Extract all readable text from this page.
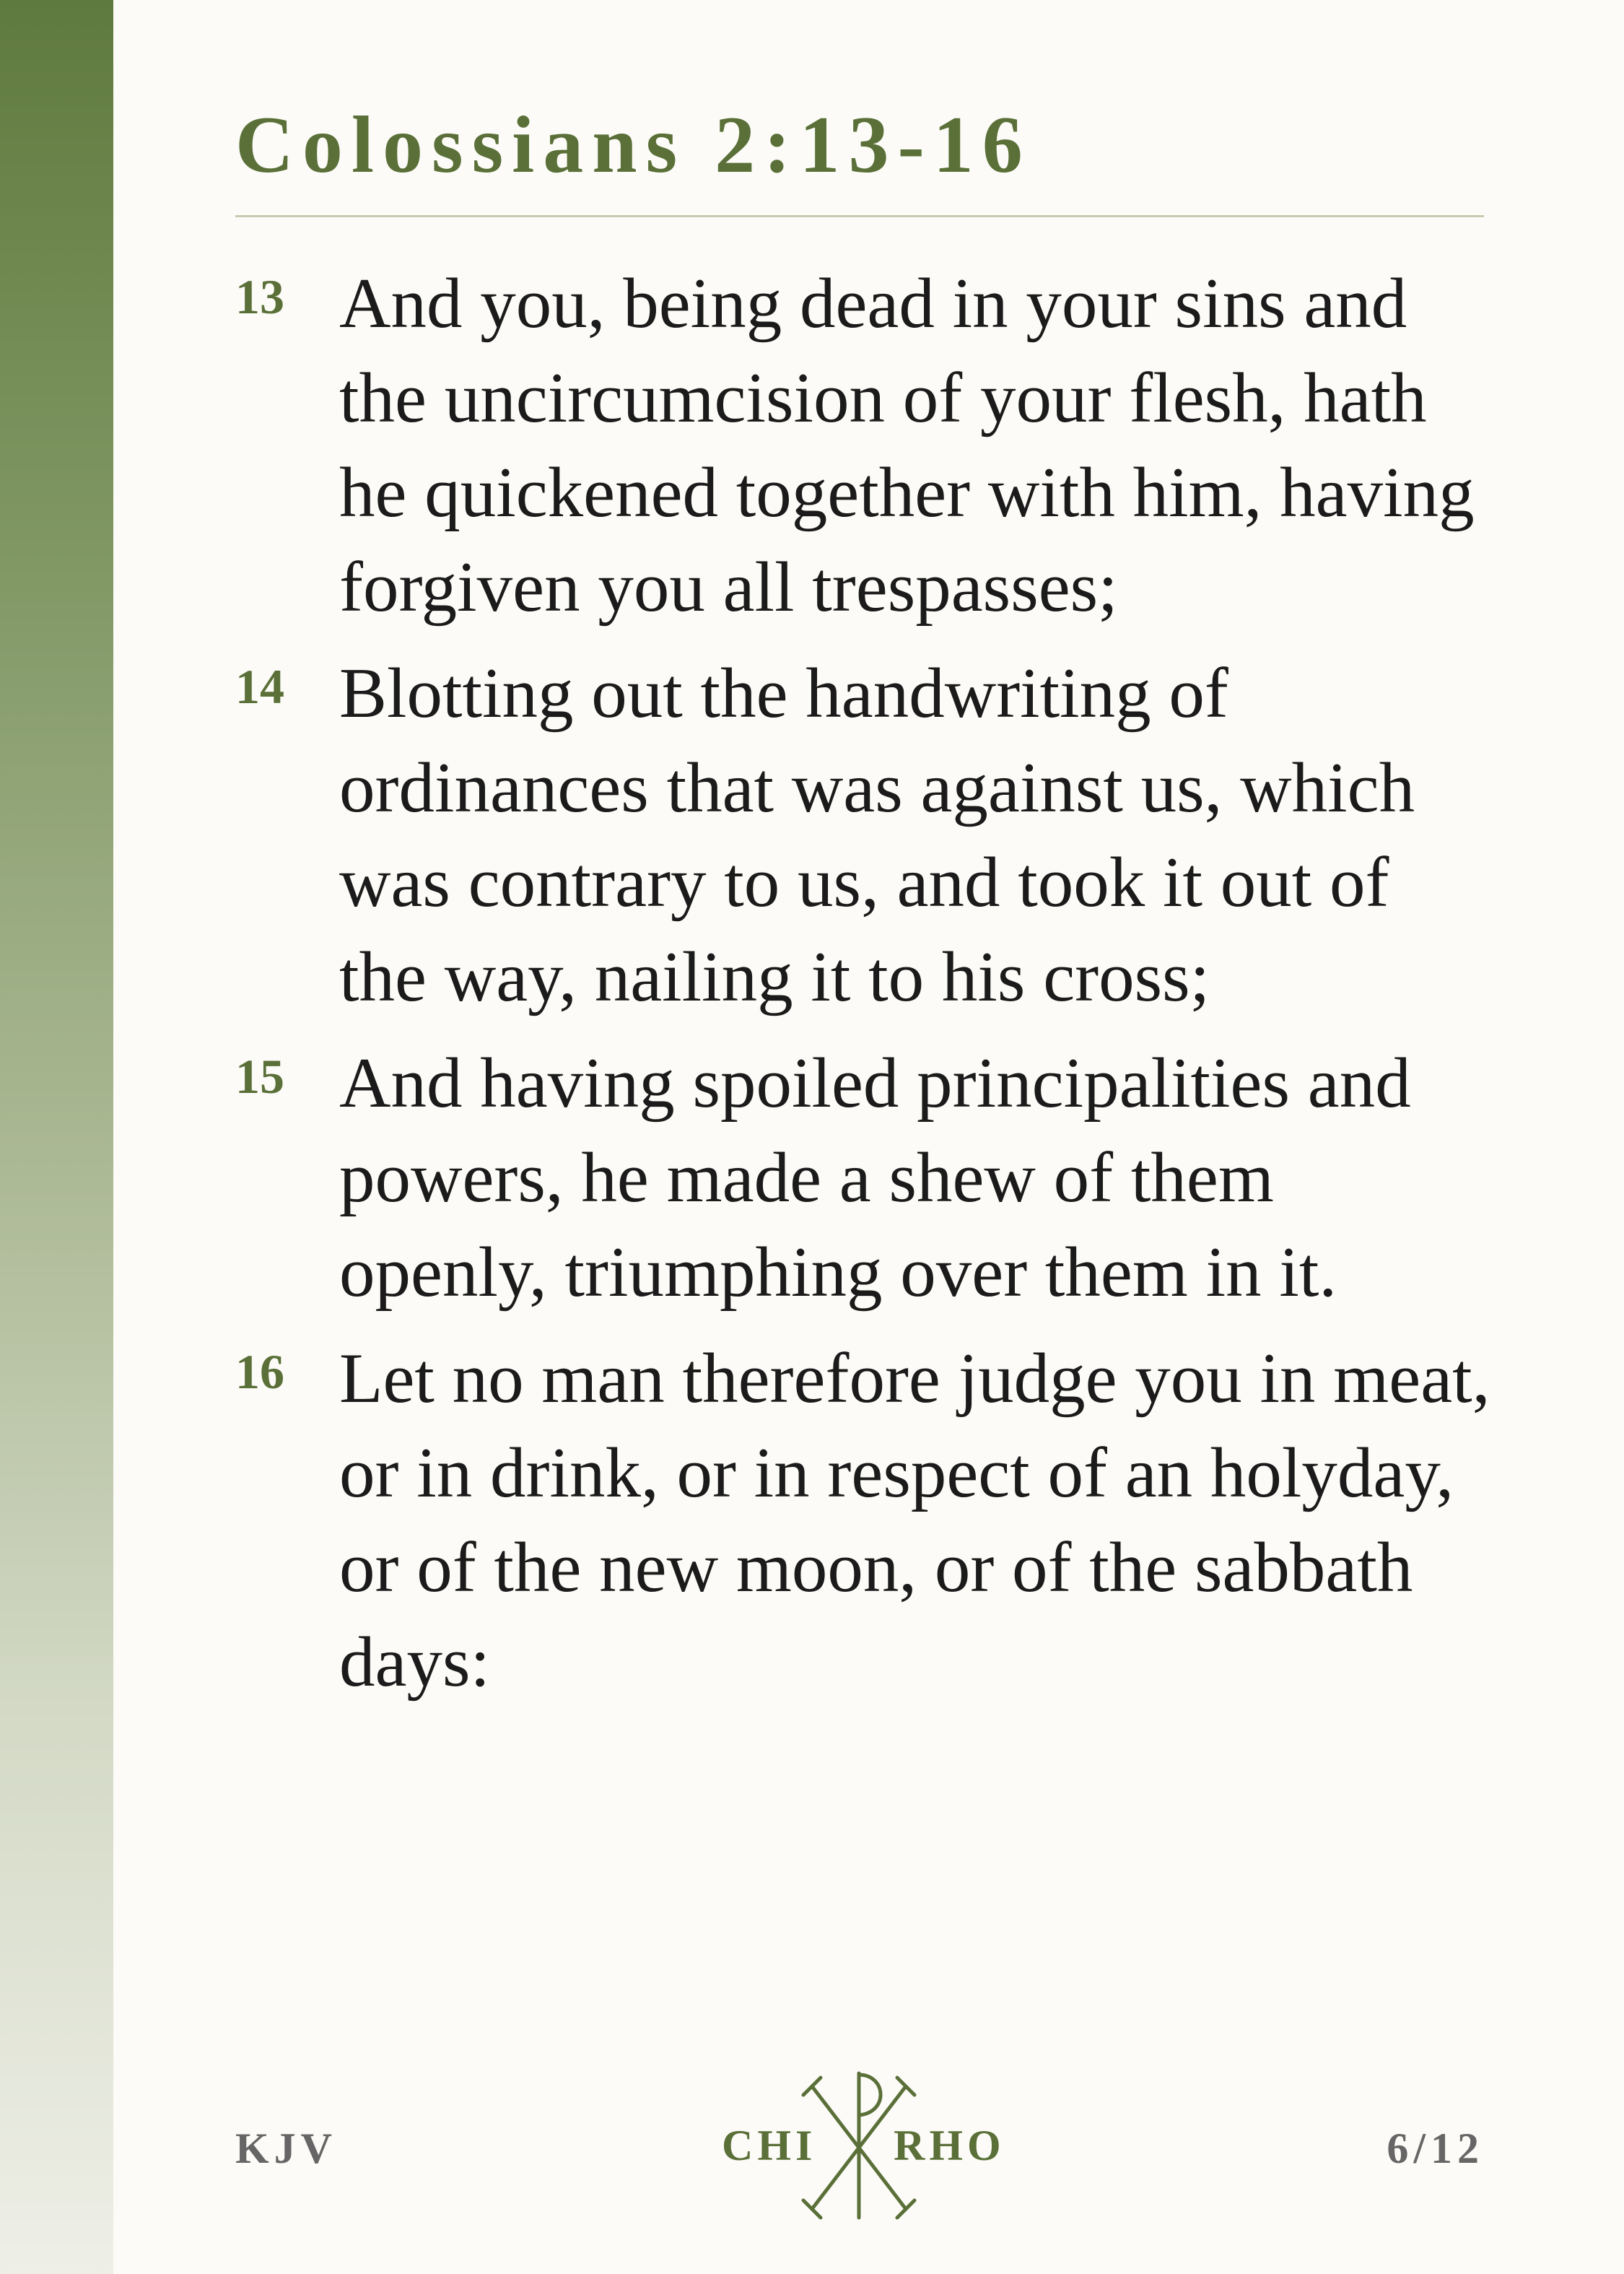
Colossians 2:13-16
13 And you, being dead in your sins and the uncircumcision of your flesh, hath he quickened together with him, having forgiven you all trespasses;
14 Blotting out the handwriting of ordinances that was against us, which was contrary to us, and took it out of the way, nailing it to his cross;
15 And having spoiled principalities and powers, he made a shew of them openly, triumphing over them in it.
16 Let no man therefore judge you in meat, or in drink, or in respect of an holyday, or of the new moon, or of the sabbath days:
KJV	CHI RHO	6/12
